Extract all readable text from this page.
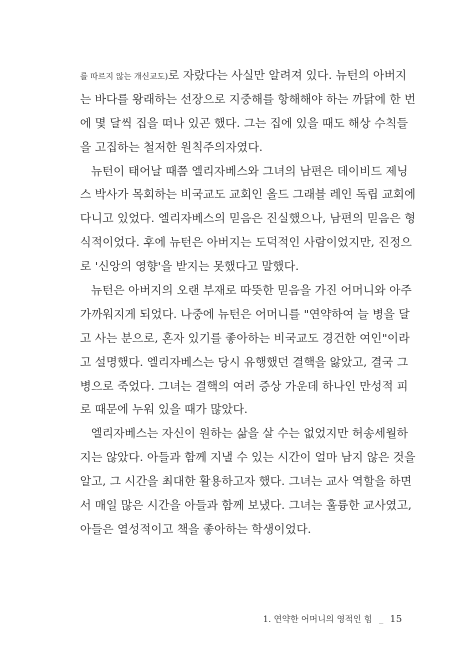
를 따르지 않는 개신교도)로 자랐다는 사실만 알려져 있다. 뉴턴의 아버지
는 바다를 왕래하는 선장으로 지중해를 항해해야 하는 까닭에 한 번
에 몇 달씩 집을 떠나 있곤 했다. 그는 집에 있을 때도 해상 수칙들
을 고집하는 철저한 원칙주의자였다.
뉴턴이 태어날 때쯤 엘리자베스와 그녀의 남편은 데이비드 제닝
스 박사가 목회하는 비국교도 교회인 올드 그래블 레인 독립 교회에
다니고 있었다. 엘리자베스의 믿음은 진실했으나, 남편의 믿음은 형
식적이었다. 후에 뉴턴은 아버지는 도덕적인 사람이었지만, 진정으
로 '신앙의 영향'을 받지는 못했다고 말했다.
뉴턴은 아버지의 오랜 부재로 따뜻한 믿음을 가진 어머니와 아주
가까워지게 되었다. 나중에 뉴턴은 어머니를 "연약하여 늘 병을 달
고 사는 분으로, 혼자 있기를 좋아하는 비국교도 경건한 여인"이라
고 설명했다. 엘리자베스는 당시 유행했던 결핵을 앓았고, 결국 그
병으로 죽었다. 그녀는 결핵의 여러 증상 가운데 하나인 만성적 피
로 때문에 누워 있을 때가 많았다.
엘리자베스는 자신이 원하는 삶을 살 수는 없었지만 허송세월하
지는 않았다. 아들과 함께 지낼 수 있는 시간이 얼마 남지 않은 것을
알고, 그 시간을 최대한 활용하고자 했다. 그녀는 교사 역할을 하면
서 매일 많은 시간을 아들과 함께 보냈다. 그녀는 훌륭한 교사였고,
아들은 열성적이고 책을 좋아하는 학생이었다.
1. 연약한 어머니의 영적인 힘 _ 15
